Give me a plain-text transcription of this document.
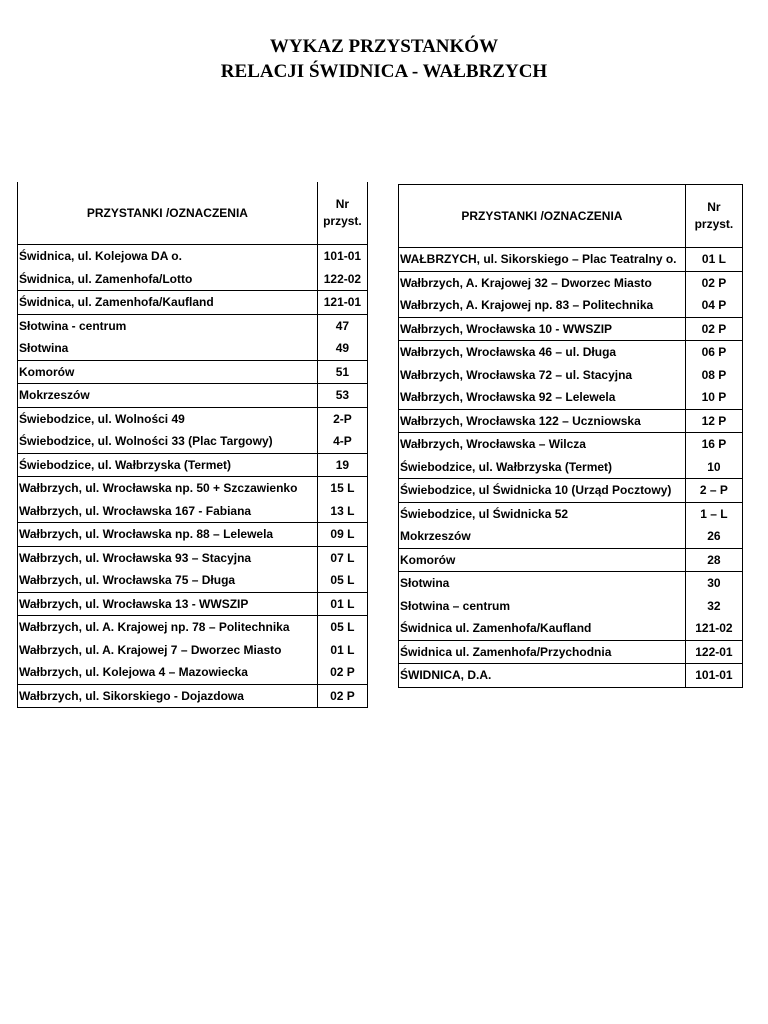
WYKAZ PRZYSTANKÓW
RELACJI ŚWIDNICA - WAŁBRZYCH
PRZYSTANKI /OZNACZENIA	Nr
przyst.
Świdnica, ul. Kolejowa DA o.	101-01
Świdnica, ul. Zamenhofa/Lotto	122-02
Świdnica, ul. Zamenhofa/Kaufland	121-01
Słotwina - centrum	47
Słotwina	49
Komorów	51
Mokrzeszów	53
Świebodzice, ul. Wolności 49	2-P
Świebodzice, ul. Wolności 33 (Plac Targowy)	4-P
Świebodzice, ul. Wałbrzyska (Termet)	19
Wałbrzych, ul. Wrocławska np. 50 + Szczawienko	15 L
Wałbrzych, ul. Wrocławska 167 - Fabiana	13 L
Wałbrzych, ul. Wrocławska np. 88 – Lelewela	09 L
Wałbrzych, ul. Wrocławska 93 – Stacyjna	07 L
Wałbrzych, ul. Wrocławska 75 – Długa	05 L
Wałbrzych, ul. Wrocławska 13 - WWSZIP	01 L
Wałbrzych, ul. A. Krajowej np. 78 – Politechnika	05 L
Wałbrzych, ul. A. Krajowej 7 – Dworzec Miasto	01 L
Wałbrzych, ul. Kolejowa 4 – Mazowiecka	02 P
Wałbrzych, ul. Sikorskiego - Dojazdowa	02 P
PRZYSTANKI /OZNACZENIA	Nr
przyst.
WAŁBRZYCH, ul. Sikorskiego – Plac Teatralny o.	01 L
Wałbrzych, A. Krajowej 32 – Dworzec Miasto	02 P
Wałbrzych, A. Krajowej np. 83 – Politechnika	04 P
Wałbrzych, Wrocławska 10 - WWSZIP	02 P
Wałbrzych, Wrocławska 46 – ul. Długa	06 P
Wałbrzych, Wrocławska 72 – ul. Stacyjna	08 P
Wałbrzych, Wrocławska 92 – Lelewela	10 P
Wałbrzych, Wrocławska 122 – Uczniowska	12 P
Wałbrzych, Wrocławska – Wilcza	16 P
Świebodzice, ul. Wałbrzyska (Termet)	10
Świebodzice, ul Świdnicka 10 (Urząd Pocztowy)	2 – P
Świebodzice, ul Świdnicka 52	1 – L
Mokrzeszów	26
Komorów	28
Słotwina	30
Słotwina – centrum	32
Świdnica ul. Zamenhofa/Kaufland	121-02
Świdnica ul. Zamenhofa/Przychodnia	122-01
ŚWIDNICA, D.A.	101-01
